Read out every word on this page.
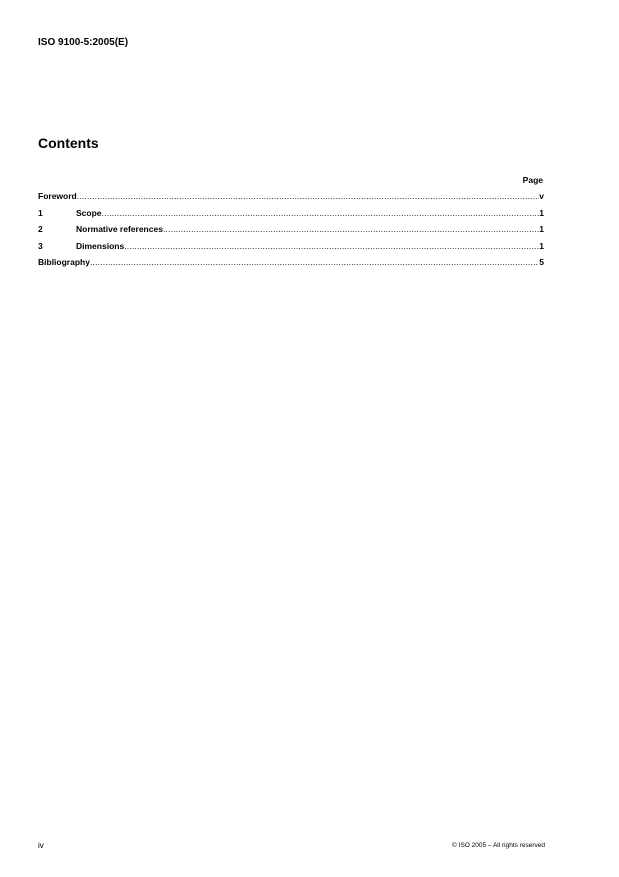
ISO 9100-5:2005(E)
Contents
Page
Foreword .....	v
1	Scope .....	1
2	Normative references .....	1
3	Dimensions .....	1
Bibliography .....	5
iv	© ISO 2005 – All rights reserved
